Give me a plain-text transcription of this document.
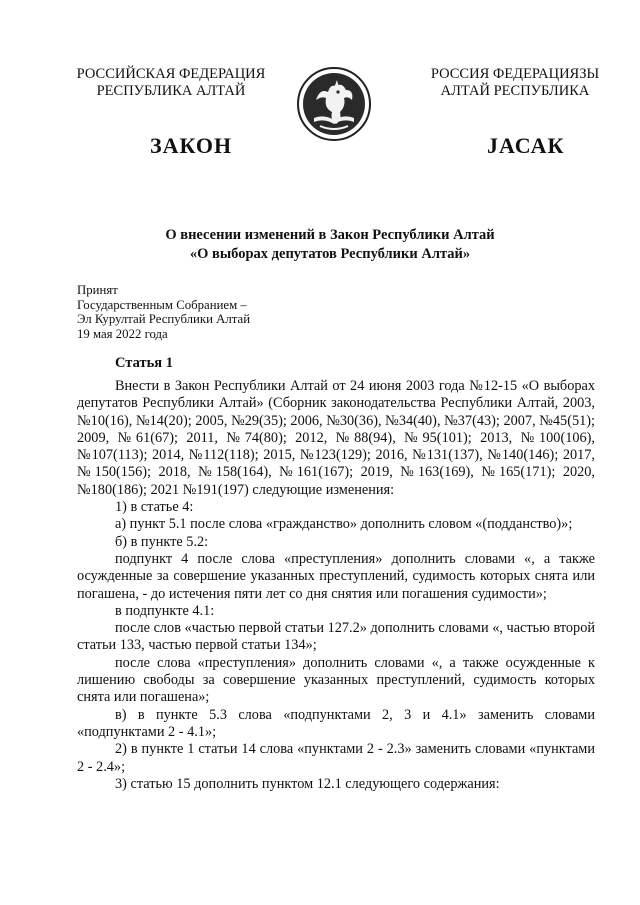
РОССИЙСКАЯ ФЕДЕРАЦИЯ
РЕСПУБЛИКА АЛТАЙ
РОССИЯ ФЕДЕРАЦИЯЗЫ
АЛТАЙ РЕСПУБЛИКА
ЗАКОН	JАСАК
О внесении изменений в Закон Республики Алтай
«О выборах депутатов Республики Алтай»
Принят
Государственным Собранием –
Эл Курултай Республики Алтай
19 мая 2022 года
Статья 1

Внести в Закон Республики Алтай от 24 июня 2003 года №12-15 «О выборах депутатов Республики Алтай» (Сборник законодательства Республики Алтай, 2003, №10(16), №14(20); 2005, №29(35); 2006, №30(36), №34(40), №37(43); 2007, №45(51); 2009, №61(67); 2011, №74(80); 2012, №88(94), №95(101); 2013, №100(106), №107(113); 2014, №112(118); 2015, №123(129); 2016, №131(137), №140(146); 2017, №150(156); 2018, №158(164), №161(167); 2019, №163(169), №165(171); 2020, №180(186); 2021 №191(197) следующие изменения:

1) в статье 4:

а) пункт 5.1 после слова «гражданство» дополнить словом «(подданство)»;

б) в пункте 5.2:

подпункт 4 после слова «преступления» дополнить словами «, а также осужденные за совершение указанных преступлений, судимость которых снята или погашена, - до истечения пяти лет со дня снятия или погашения судимости»;

в подпункте 4.1:

после слов «частью первой статьи 127.2» дополнить словами «, частью второй статьи 133, частью первой статьи 134»;

после слова «преступления» дополнить словами «, а также осужденные к лишению свободы за совершение указанных преступлений, судимость которых снята или погашена»;

в) в пункте 5.3 слова «подпунктами 2, 3 и 4.1» заменить словами «подпунктами 2 - 4.1»;

2) в пункте 1 статьи 14 слова «пунктами 2 - 2.3» заменить словами «пунктами 2 - 2.4»;

3) статью 15 дополнить пунктом 12.1 следующего содержания:
